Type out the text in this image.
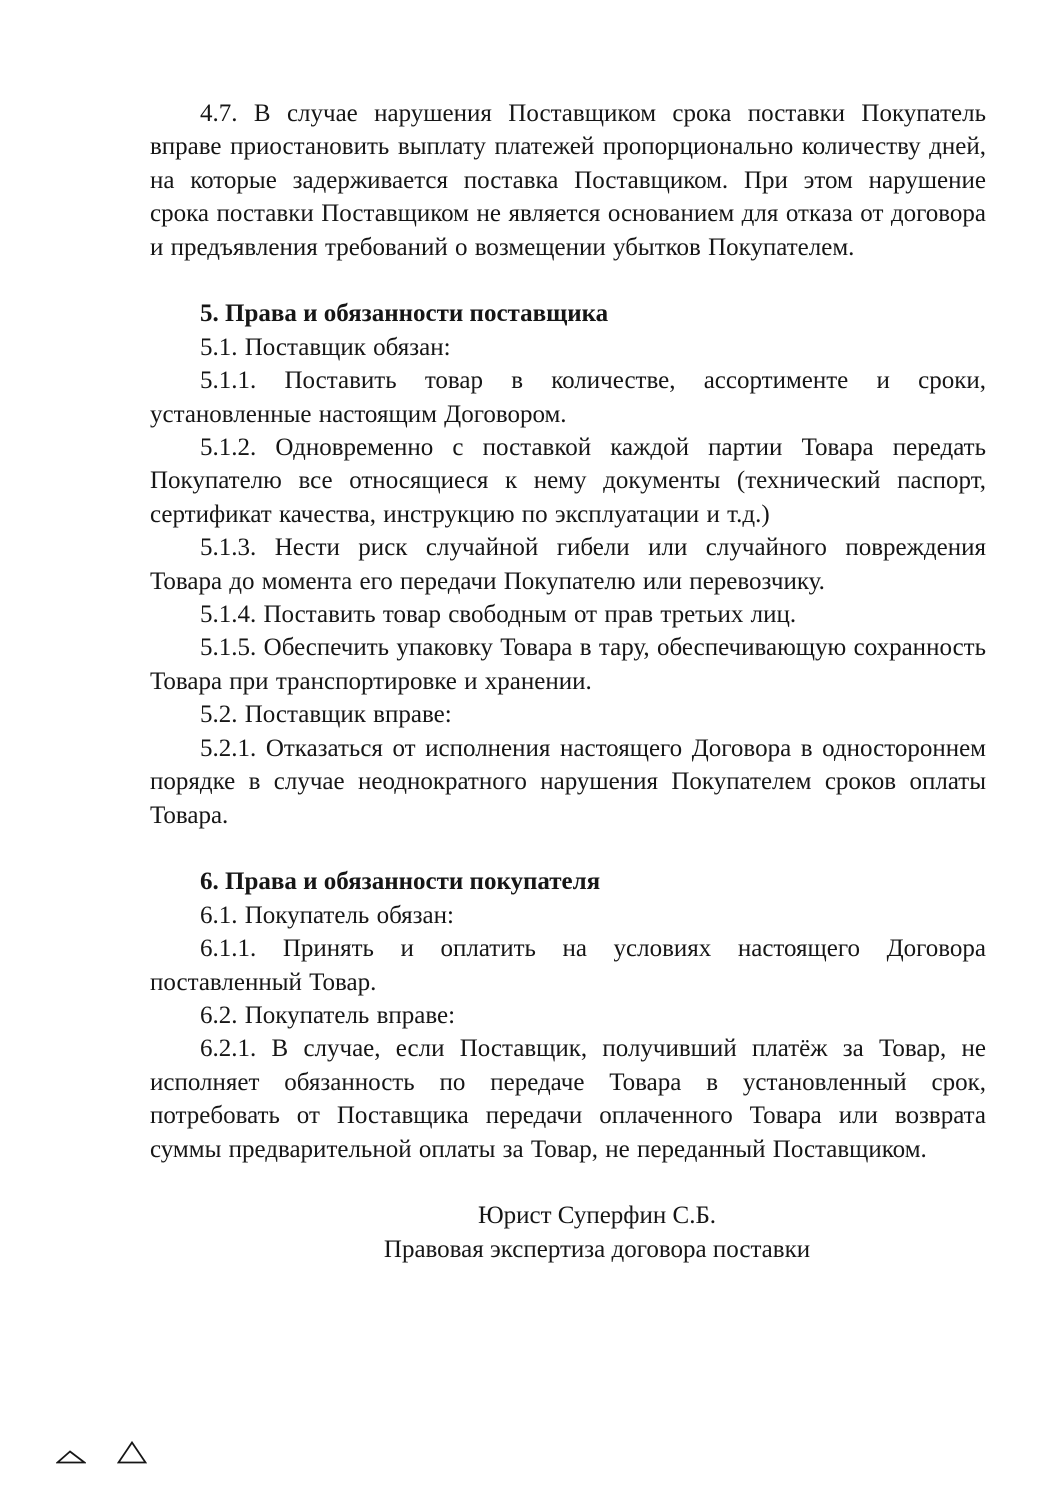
4.7. В случае нарушения Поставщиком срока поставки Покупатель вправе приостановить выплату платежей пропорционально количеству дней, на которые задерживается поставка Поставщиком. При этом нарушение срока поставки Поставщиком не является основанием для отказа от договора и предъявления требований о возмещении убытков Покупателем.

5. Права и обязанности поставщика

5.1. Поставщик обязан:

5.1.1. Поставить товар в количестве, ассортименте и сроки, установленные настоящим Договором.

5.1.2. Одновременно с поставкой каждой партии Товара передать Покупателю все относящиеся к нему документы (технический паспорт, сертификат качества, инструкцию по эксплуатации и т.д.)

5.1.3. Нести риск случайной гибели или случайного повреждения Товара до момента его передачи Покупателю или перевозчику.

5.1.4. Поставить товар свободным от прав третьих лиц.

5.1.5. Обеспечить упаковку Товара в тару, обеспечивающую сохранность Товара при транспортировке и хранении.

5.2. Поставщик вправе:

5.2.1. Отказаться от исполнения настоящего Договора в одностороннем порядке в случае неоднократного нарушения Покупателем сроков оплаты Товара.

6. Права и обязанности покупателя

6.1. Покупатель обязан:

6.1.1. Принять и оплатить на условиях настоящего Договора поставленный Товар.

6.2. Покупатель вправе:

6.2.1. В случае, если Поставщик, получивший платёж за Товар, не исполняет обязанность по передаче Товара в установленный срок, потребовать от Поставщика передачи оплаченного Товара или возврата суммы предварительной оплаты за Товар, не переданный Поставщиком.

Юрист Суперфин С.Б.

Правовая экспертиза договора поставки
